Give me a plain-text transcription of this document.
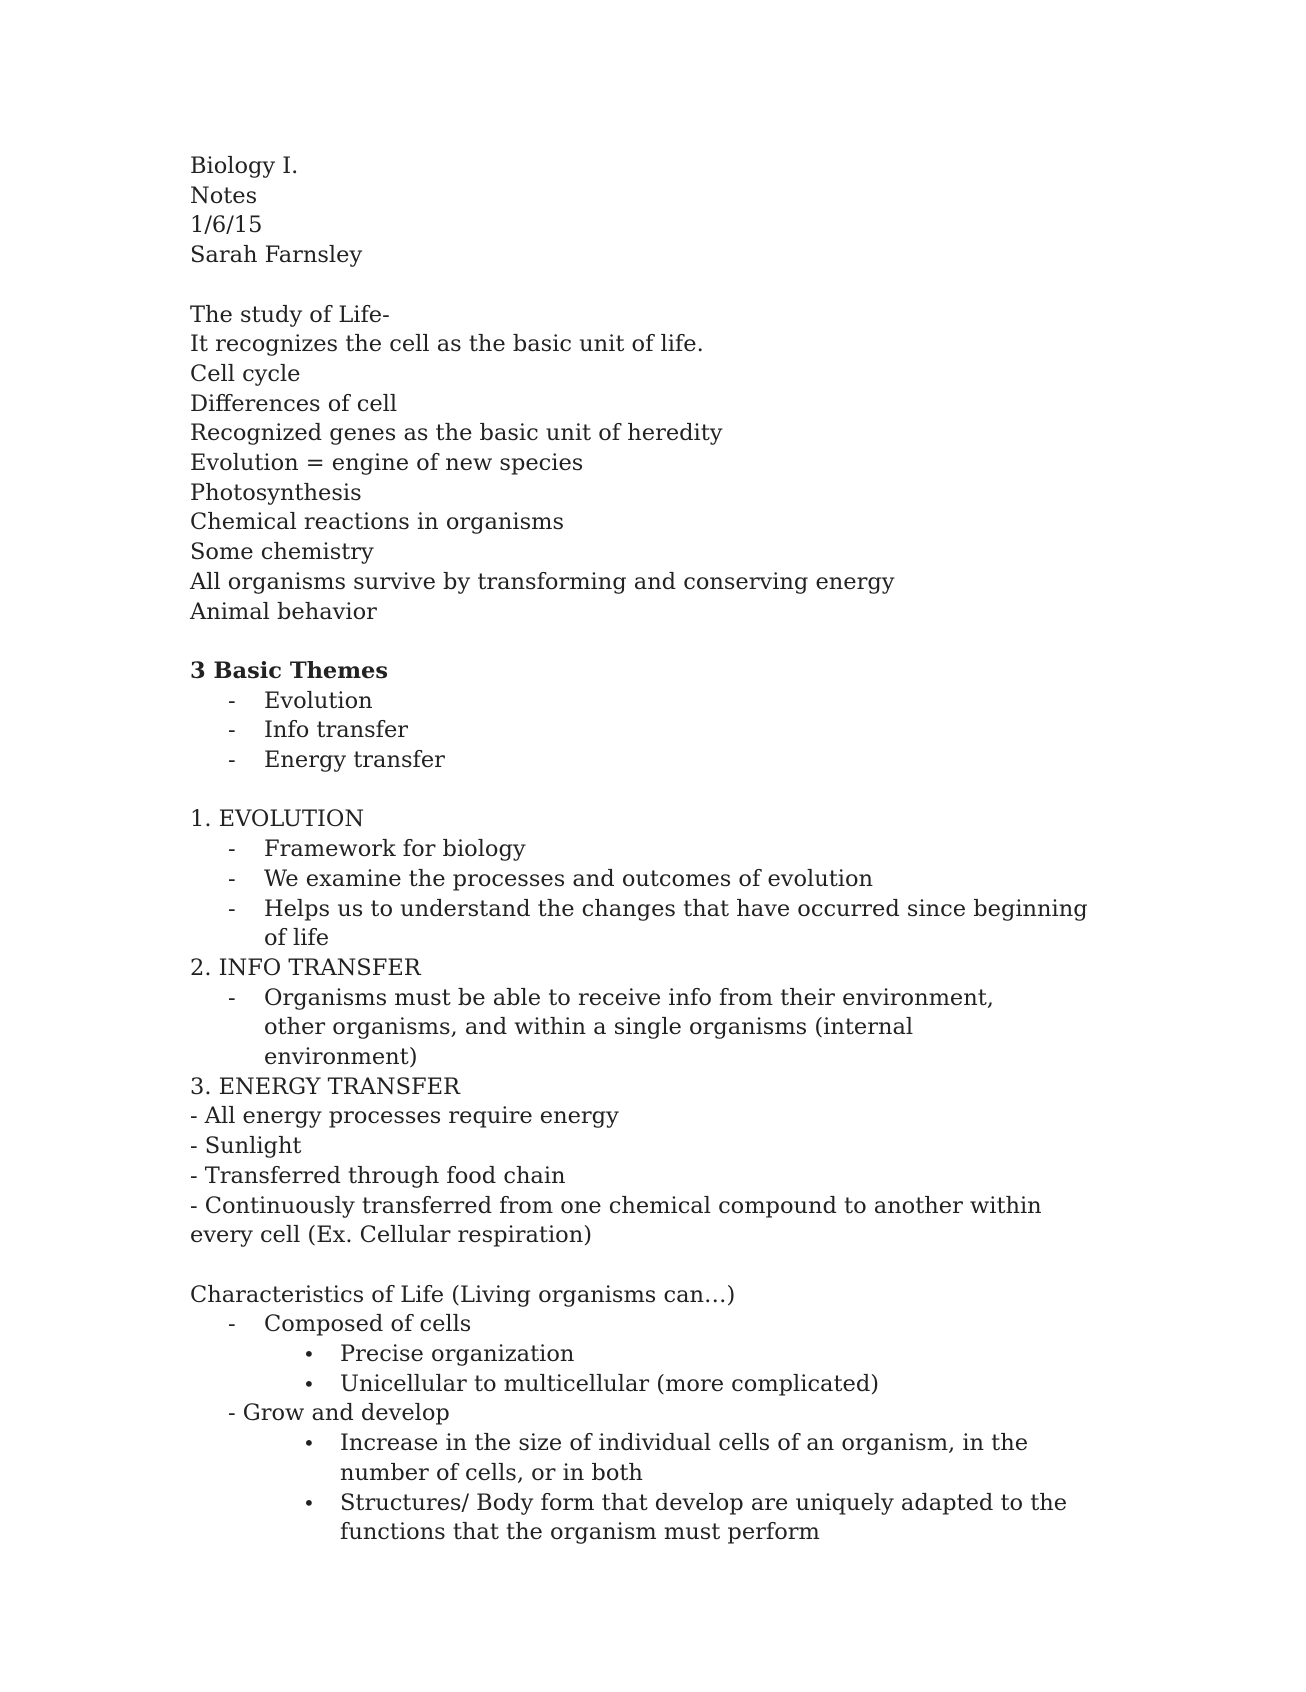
Biology I.
Notes
1/6/15
Sarah Farnsley
The study of Life-
It recognizes the cell as the basic unit of life.
Cell cycle
Differences of cell
Recognized genes as the basic unit of heredity
Evolution = engine of new species
Photosynthesis
Chemical reactions in organisms
Some chemistry
All organisms survive by transforming and conserving energy
Animal behavior
3 Basic Themes
-	Evolution
-	Info transfer
-	Energy transfer
1. EVOLUTION
-	Framework for biology
-	We examine the processes and outcomes of evolution
-	Helps us to understand the changes that have occurred since beginning of life
2. INFO TRANSFER
-	Organisms must be able to receive info from their environment, other organisms, and within a single organisms (internal environment)
3. ENERGY TRANSFER
- All energy processes require energy
- Sunlight
- Transferred through food chain
- Continuously transferred from one chemical compound to another within every cell (Ex. Cellular respiration)
Characteristics of Life (Living organisms can…)
-	Composed of cells
•	Precise organization
•	Unicellular to multicellular (more complicated)
- Grow and develop
•	Increase in the size of individual cells of an organism, in the number of cells, or in both
•	Structures/ Body form that develop are uniquely adapted to the functions that the organism must perform
